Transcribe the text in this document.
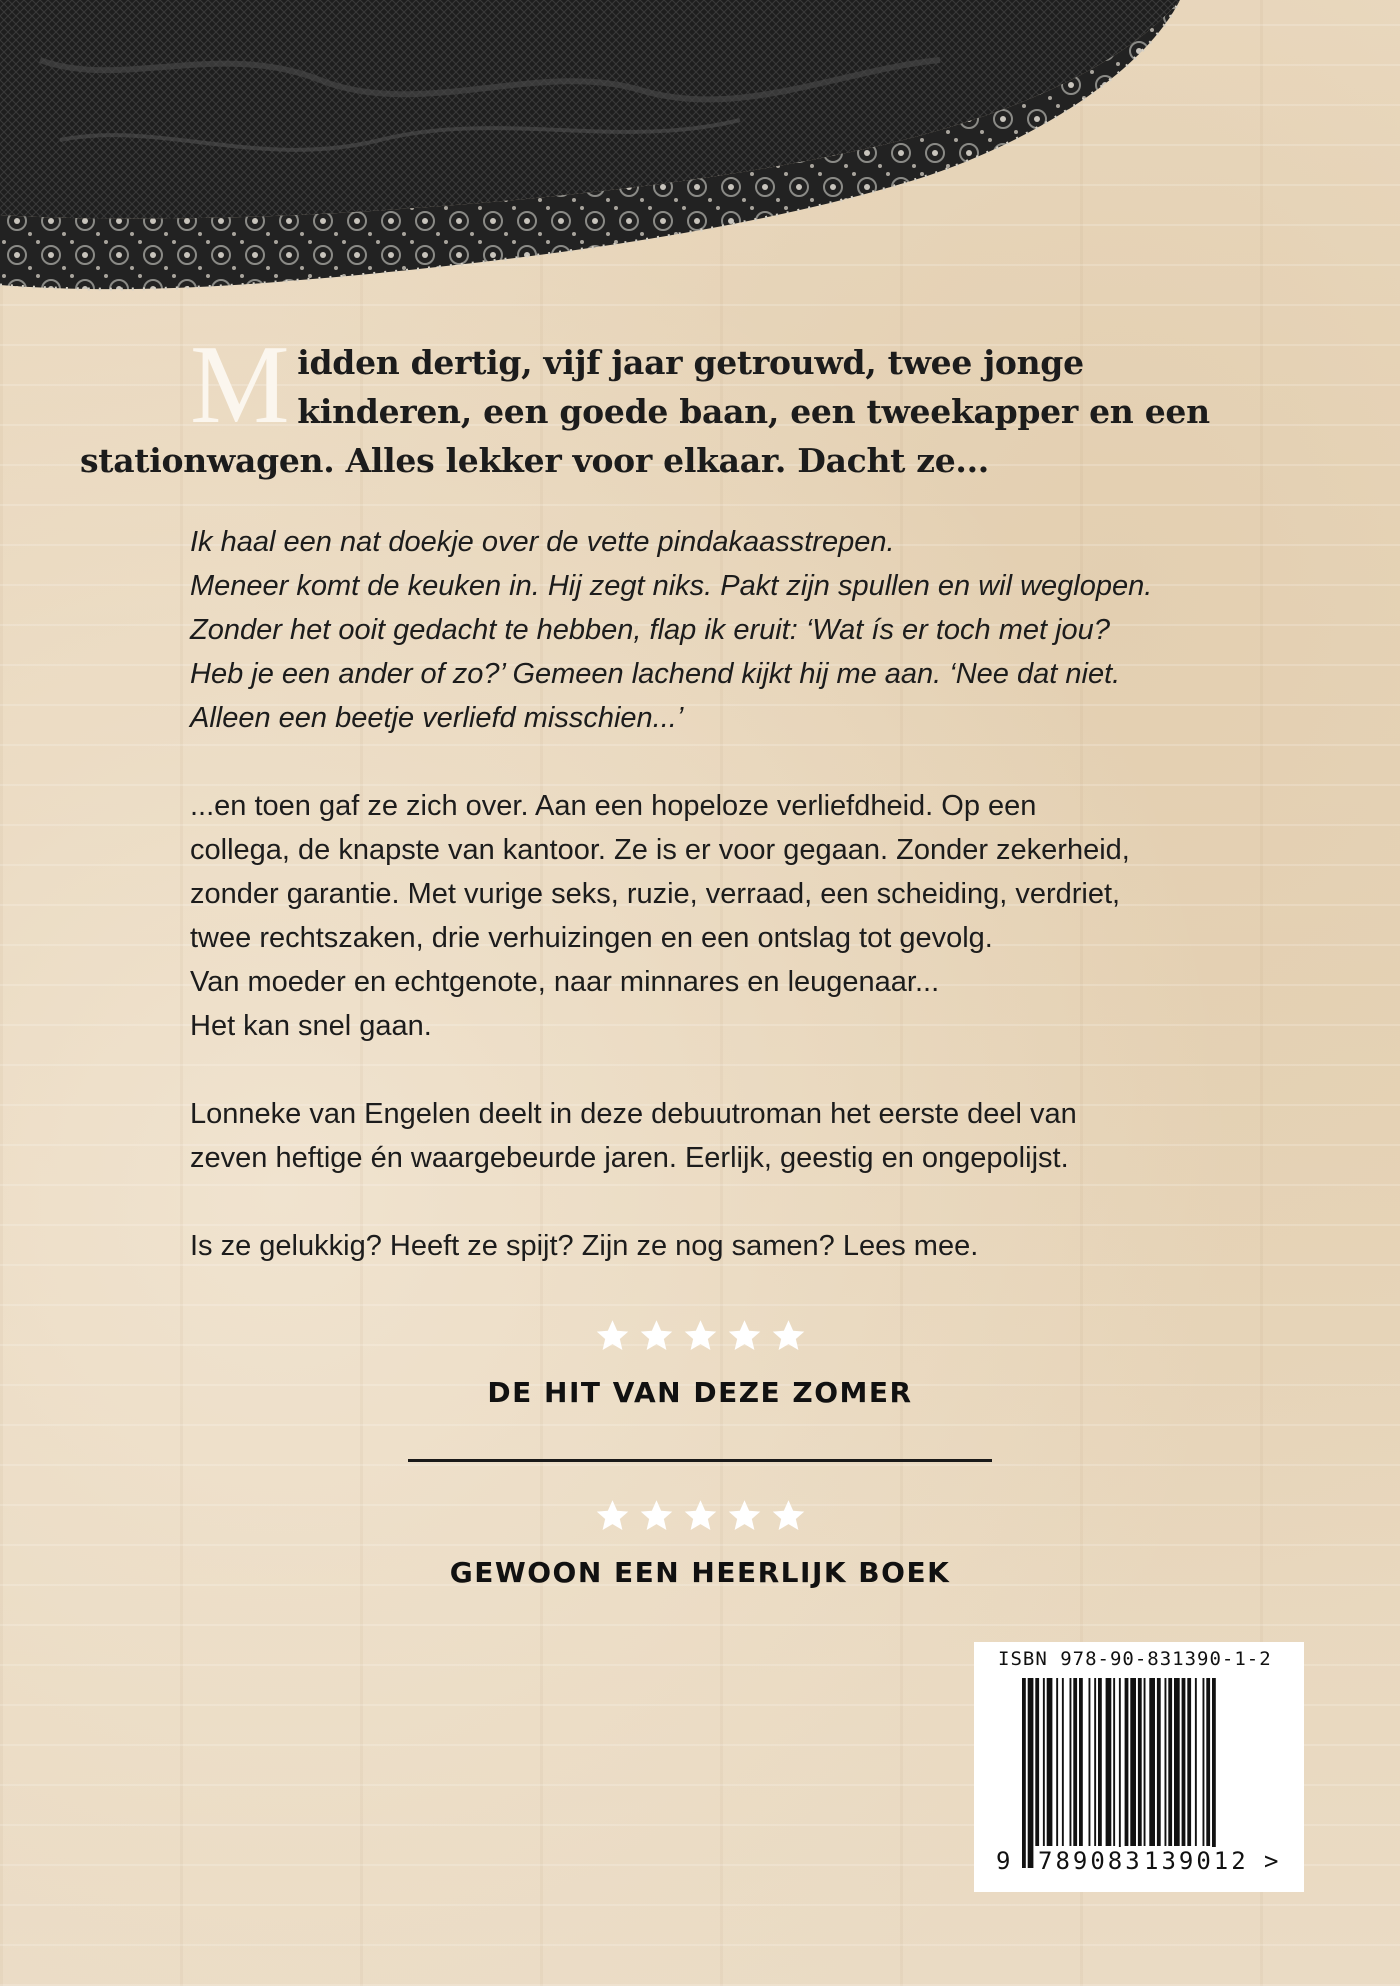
M idden dertig, vijf jaar getrouwd, twee jonge
kinderen, een goede baan, een tweekapper en een
stationwagen. Alles lekker voor elkaar. Dacht ze...

Ik haal een nat doekje over de vette pindakaasstrepen.
Meneer komt de keuken in. Hij zegt niks. Pakt zijn spullen en wil weglopen.
Zonder het ooit gedacht te hebben, flap ik eruit: ‘Wat ís er toch met jou?
Heb je een ander of zo?’ Gemeen lachend kijkt hij me aan. ‘Nee dat niet.
Alleen een beetje verliefd misschien...’

...en toen gaf ze zich over. Aan een hopeloze verliefdheid. Op een
collega, de knapste van kantoor. Ze is er voor gegaan. Zonder zekerheid,
zonder garantie. Met vurige seks, ruzie, verraad, een scheiding, verdriet,
twee rechtszaken, drie verhuizingen en een ontslag tot gevolg.
Van moeder en echtgenote, naar minnares en leugenaar...
Het kan snel gaan.

Lonneke van Engelen deelt in deze debuutroman het eerste deel van
zeven heftige én waargebeurde jaren. Eerlijk, geestig en ongepolijst.

Is ze gelukkig? Heeft ze spijt? Zijn ze nog samen? Lees mee.

DE HIT VAN DEZE ZOMER
GEWOON EEN HEERLIJK BOEK
ISBN 978-90-831390-1-2
9 789083 139012 >
